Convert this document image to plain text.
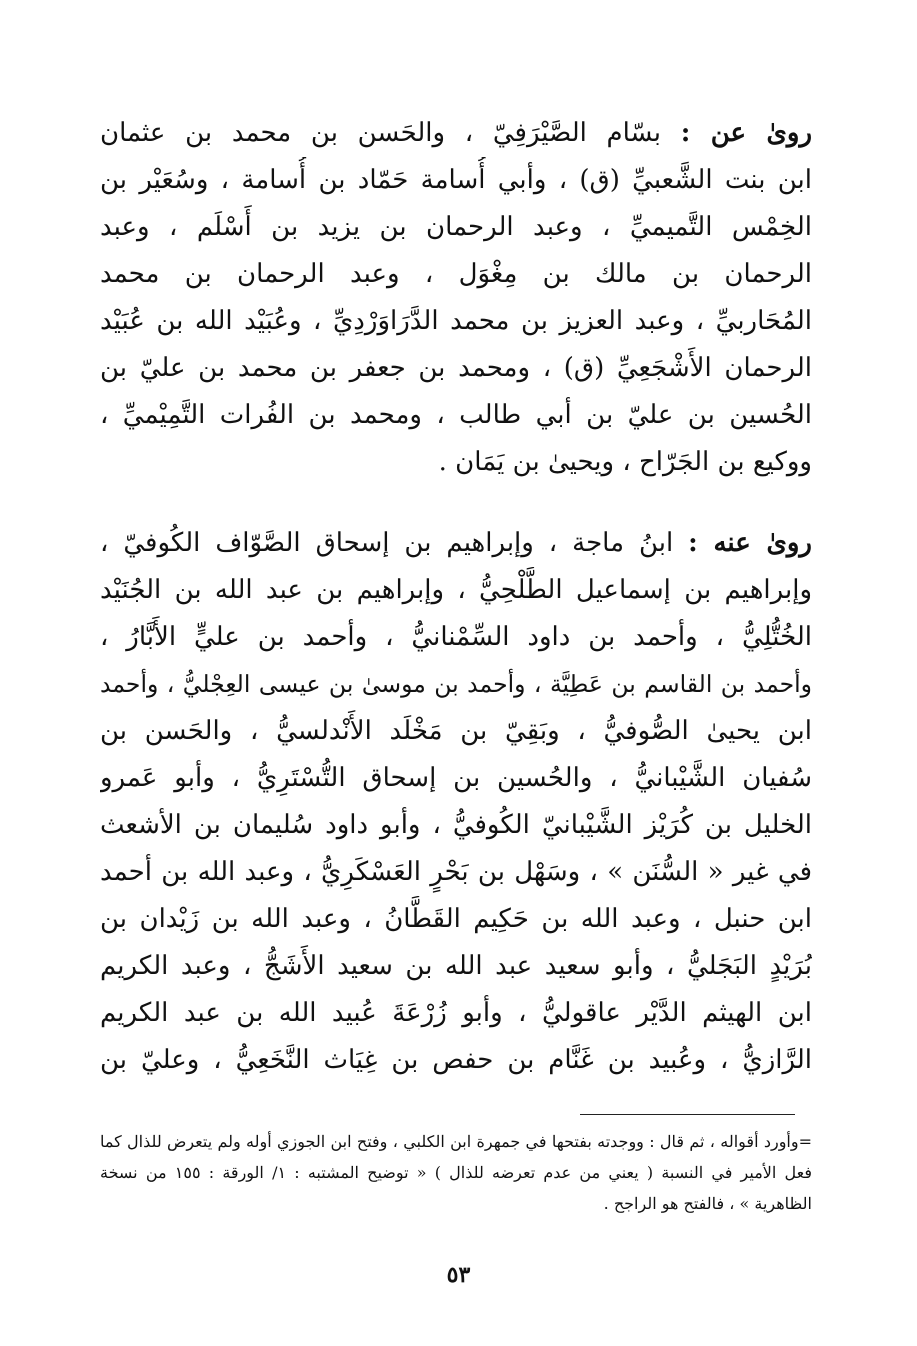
روىٰ عن : بسّام الصَّيْرَفِيّ ، والحَسن بن محمد بن عثمان
ابن بنت الشَّعبيِّ (ق) ، وأبي أُسامة حَمّاد بن أُسامة ، وسُعَيْر بن
الخِمْس التَّميميِّ ، وعبد الرحمان بن يزيد بن أَسْلَم ، وعبد
الرحمان بن مالك بن مِغْوَل ، وعبد الرحمان بن محمد
المُحَاربيِّ ، وعبد العزيز بن محمد الدَّرَاوَرْدِيِّ ، وعُبَيْد الله بن عُبَيْد
الرحمان الأَشْجَعِيِّ (ق) ، ومحمد بن جعفر بن محمد بن عليّ بن
الحُسين بن عليّ بن أبي طالب ، ومحمد بن الفُرات التَّمِيْميِّ ،
ووكيع بن الجَرّاح ، ويحيىٰ بن يَمَان .
روىٰ عنه : ابنُ ماجة ، وإبراهيم بن إسحاق الصَّوّاف الكُوفيّ ،
وإبراهيم بن إسماعيل الطَّلْحِيُّ ، وإبراهيم بن عبد الله بن الجُنَيْد
الخُتُّلِيُّ ، وأحمد بن داود السِّمْنانيُّ ، وأحمد بن عليٍّ الأَبَّارُ ،
وأحمد بن القاسم بن عَطِيَّة ، وأحمد بن موسىٰ بن عيسى العِجْليُّ ، وأحمد
ابن يحيىٰ الصُّوفيُّ ، وبَقِيّ بن مَخْلَد الأَنْدلسيُّ ، والحَسن بن
سُفيان الشَّيْبانيُّ ، والحُسين بن إسحاق التُّسْتَرِيُّ ، وأبو عَمرو
الخليل بن كُرَيْز الشَّيْبانيّ الكُوفيُّ ، وأبو داود سُليمان بن الأشعث
في غير « السُّنَن » ، وسَهْل بن بَحْرٍ العَسْكَرِيُّ ، وعبد الله بن أحمد
ابن حنبل ، وعبد الله بن حَكِيم القَطَّانُ ، وعبد الله بن زَيْدان بن
بُرَيْدٍ البَجَليُّ ، وأبو سعيد عبد الله بن سعيد الأَشَجُّ ، وعبد الكريم
ابن الهيثم الدَّيْر عاقوليُّ ، وأبو زُرْعَةَ عُبيد الله بن عبد الكريم
الرَّازيُّ ، وعُبيد بن غَنَّام بن حفص بن غِيَاث النَّخَعِيُّ ، وعليّ بن
=وأورد أقواله ، ثم قال : ووجدته بفتحها في جمهرة ابن الكلبي ، وفتح ابن الجوزي أوله ولم يتعرض للذال كما
فعل الأمير في النسبة ( يعني من عدم تعرضه للذال ) « توضيح المشتبه : ١/ الورقة : ١٥٥ من نسخة
الظاهرية » ، فالفتح هو الراجح .
٥٣
